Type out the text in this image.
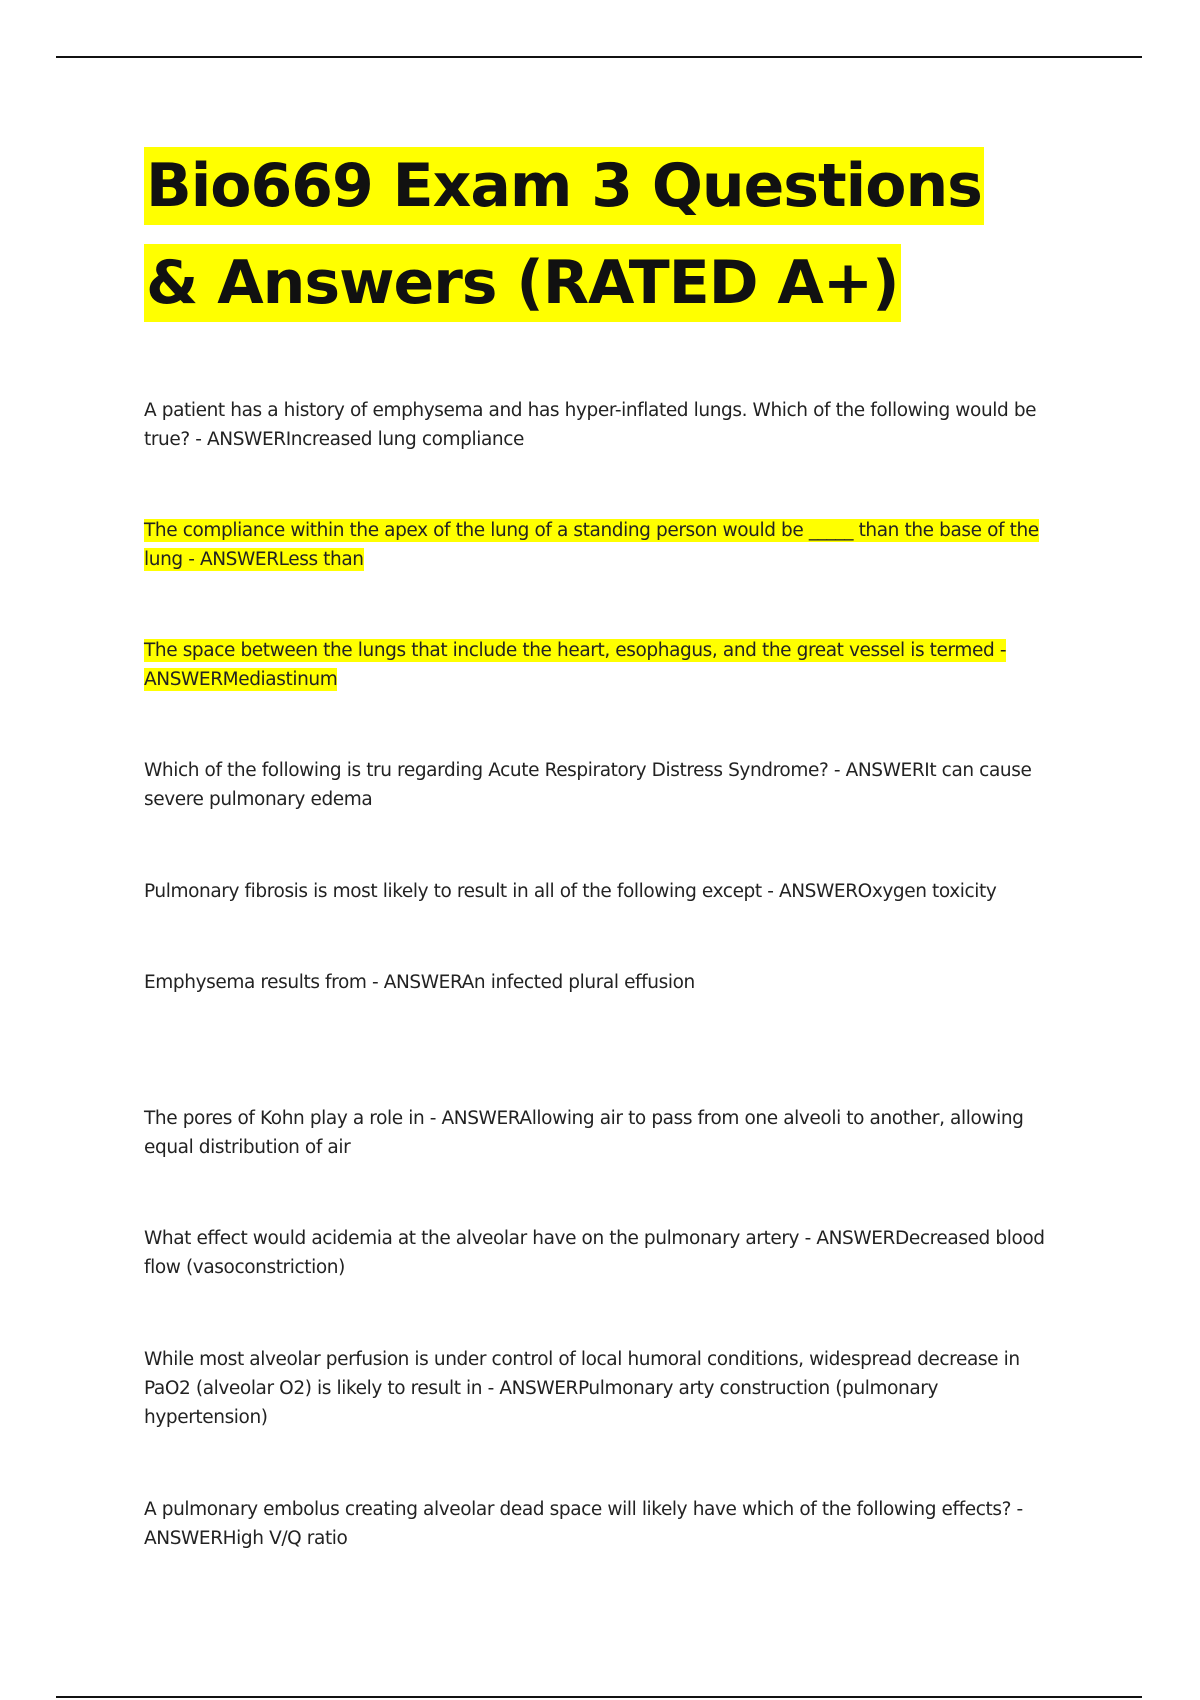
Bio669 Exam 3 Questions & Answers (RATED A+)

A patient has a history of emphysema and has hyper-inflated lungs. Which of the following would be true? - ANSWERIncreased lung compliance

The compliance within the apex of the lung of a standing person would be _____ than the base of the lung - ANSWERLess than

The space between the lungs that include the heart, esophagus, and the great vessel is termed - ANSWERMediastinum

Which of the following is tru regarding Acute Respiratory Distress Syndrome? - ANSWERIt can cause severe pulmonary edema

Pulmonary fibrosis is most likely to result in all of the following except - ANSWEROxygen toxicity

Emphysema results from - ANSWERAn infected plural effusion

The pores of Kohn play a role in - ANSWERAllowing air to pass from one alveoli to another, allowing equal distribution of air

What effect would acidemia at the alveolar have on the pulmonary artery - ANSWERDecreased blood flow (vasoconstriction)

While most alveolar perfusion is under control of local humoral conditions, widespread decrease in PaO2 (alveolar O2) is likely to result in - ANSWERPulmonary arty construction (pulmonary hypertension)

A pulmonary embolus creating alveolar dead space will likely have which of the following effects? - ANSWERHigh V/Q ratio
